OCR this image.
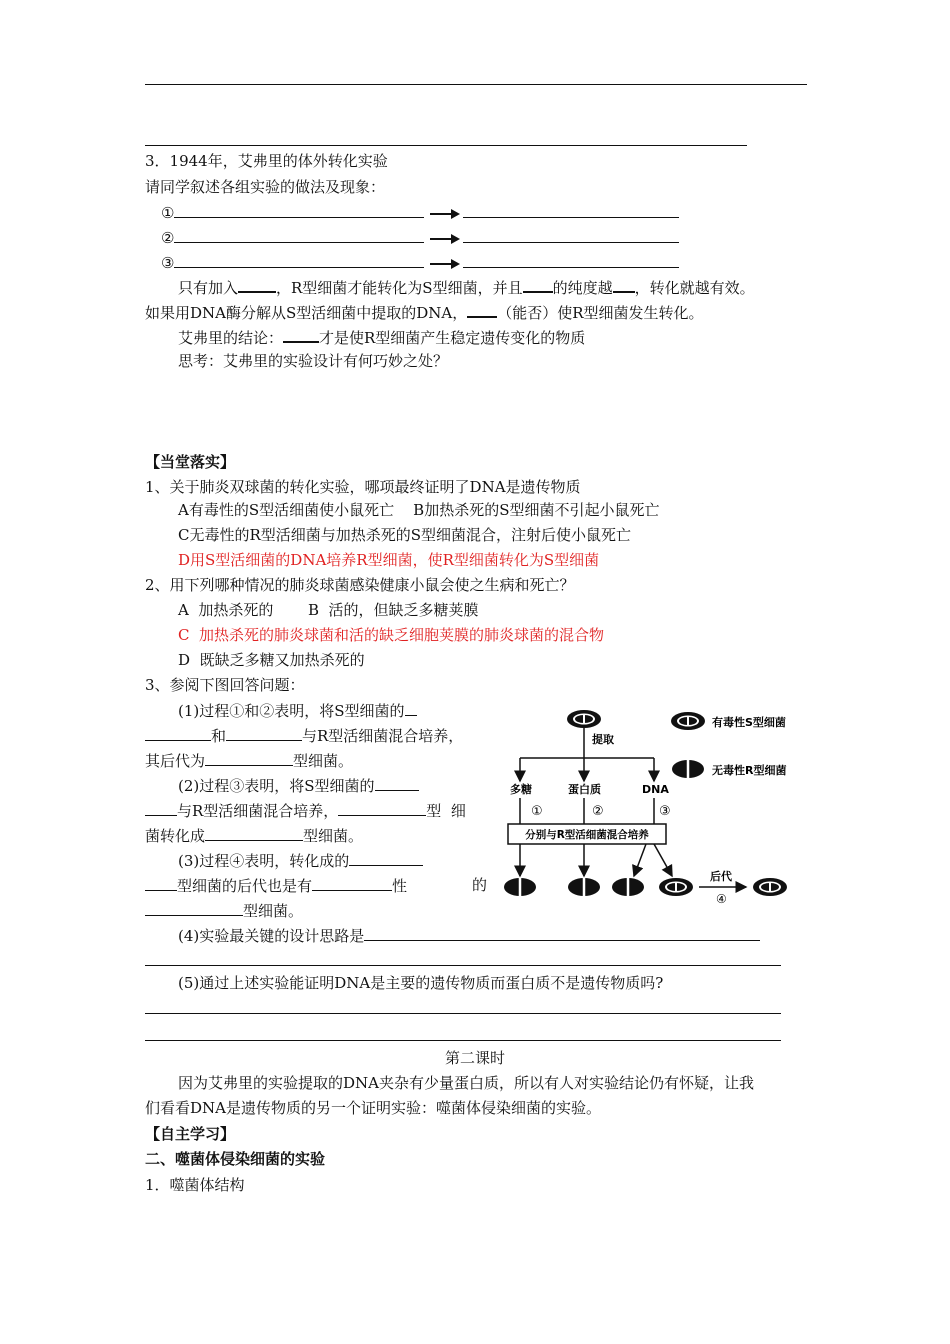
3．1944年，艾弗里的体外转化实验
请同学叙述各组实验的做法及现象：
①
②
③
只有加入	，R型细菌才能转化为S型细菌，并且 的纯度越 ，转化就越有效。
如果用DNA酶分解从S型活细菌中提取的DNA， （能否）使R型细菌发生转化。
艾弗里的结论： 才是使R型细菌产生稳定遗传变化的物质
思考：艾弗里的实验设计有何巧妙之处？
【当堂落实】
1、关于肺炎双球菌的转化实验，哪项最终证明了DNA是遗传物质
A有毒性的S型活细菌使小鼠死亡    B加热杀死的S型细菌不引起小鼠死亡
C无毒性的R型活细菌与加热杀死的S型细菌混合，注射后使小鼠死亡
D用S型活细菌的DNA培养R型细菌，使R型细菌转化为S型细菌
2、用下列哪种情况的肺炎球菌感染健康小鼠会使之生病和死亡？
A  加热杀死的 B  活的，但缺乏多糖荚膜
C  加热杀死的肺炎球菌和活的缺乏细胞荚膜的肺炎球菌的混合物
D  既缺乏多糖又加热杀死的
3、参阅下图回答问题：
(1)过程①和②表明，将S型细菌的
和	与R型活细菌混合培养，
其后代为	型细菌。
(2)过程③表明，将S型细菌的
与R型活细菌混合培养，	型  细
菌转化成	型细菌。
(3)过程④表明，转化成的
型细菌的后代也是有	性	的
型细菌。
(4)实验最关键的设计思路是
(5)通过上述实验能证明DNA是主要的遗传物质而蛋白质不是遗传物质吗?
提取
多糖	蛋白质	DNA
①	②	③
分别与R型活细菌混合培养
后代
④
有毒性S型细菌
无毒性R型细菌
第二课时
因为艾弗里的实验提取的DNA夹杂有少量蛋白质，所以有人对实验结论仍有怀疑，让我
们看看DNA是遗传物质的另一个证明实验：噬菌体侵染细菌的实验。
【自主学习】
二、噬菌体侵染细菌的实验
1．噬菌体结构
